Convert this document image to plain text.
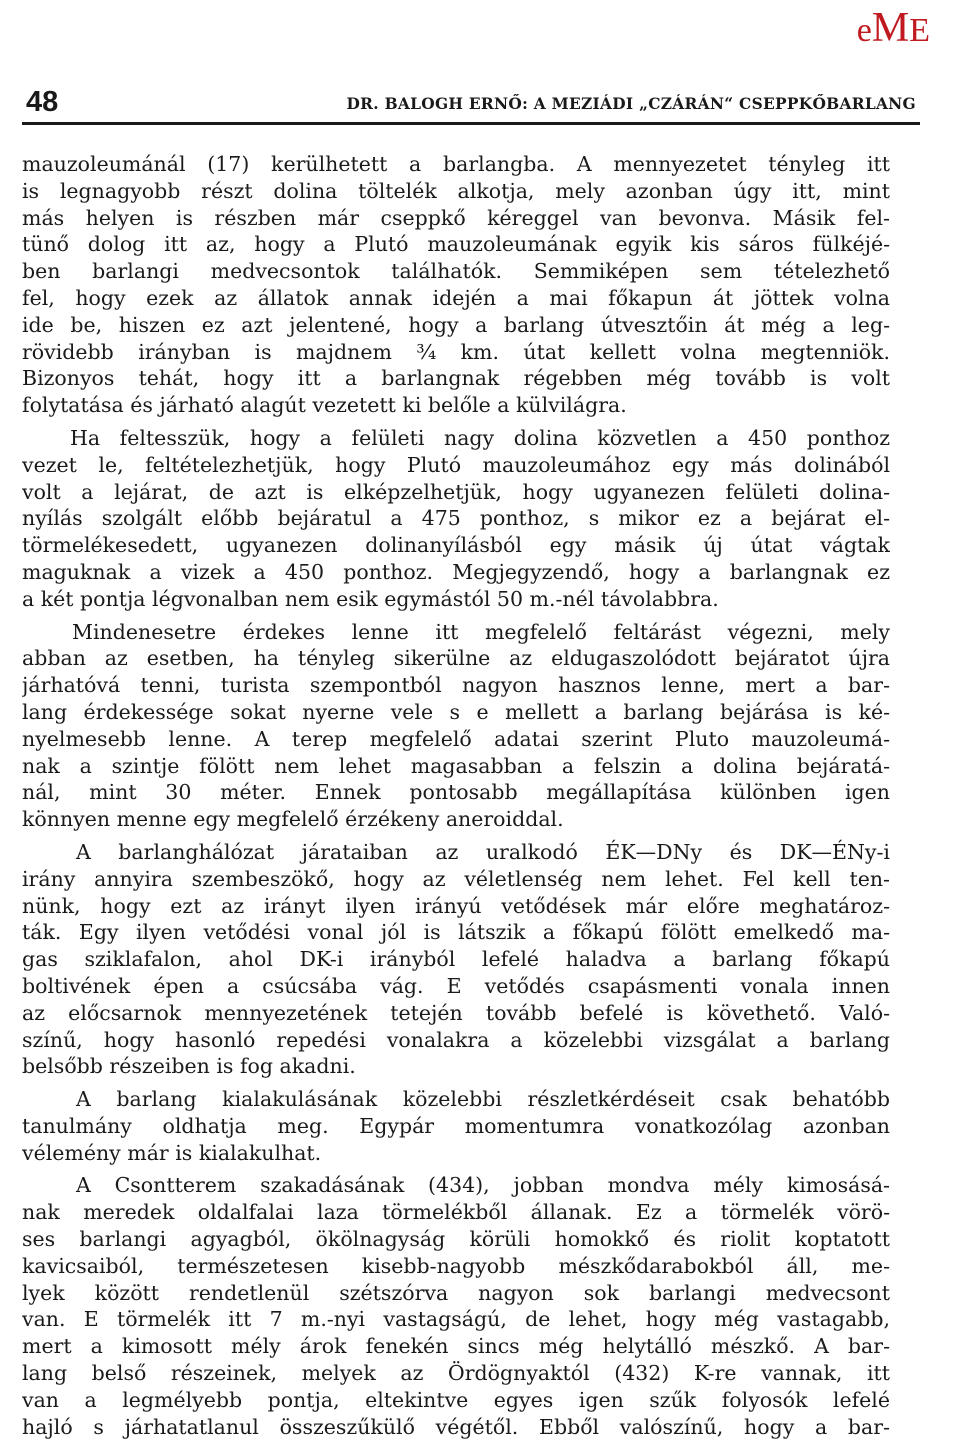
eME
48	DR. BALOGH ERNŐ: A MEZIÁDI „CZÁRÁN“ CSEPPKŐBARLANG
mauzoleumánál (17) kerülhetett a barlangba. A mennyezetet tényleg itt
is legnagyobb részt dolina töltelék alkotja, mely azonban úgy itt, mint
más helyen is részben már cseppkő kéreggel van bevonva. Másik fel-
tünő dolog itt az, hogy a Plutó mauzoleumának egyik kis sáros fülkéjé-
ben barlangi medvecsontok találhatók. Semmiképen sem tételezhető
fel, hogy ezek az állatok annak idején a mai főkapun át jöttek volna
ide be, hiszen ez azt jelentené, hogy a barlang útvesztőin át még a leg-
rövidebb irányban is majdnem ¾ km. útat kellett volna megtenniök.
Bizonyos tehát, hogy itt a barlangnak régebben még tovább is volt
folytatása és járható alagút vezetett ki belőle a külvilágra.
Ha feltesszük, hogy a felületi nagy dolina közvetlen a 450 ponthoz
vezet le, feltételezhetjük, hogy Plutó mauzoleumához egy más dolinából
volt a lejárat, de azt is elképzelhetjük, hogy ugyanezen felületi dolina-
nyílás szolgált előbb bejáratul a 475 ponthoz, s mikor ez a bejárat el-
törmelékesedett, ugyanezen dolinanyílásból egy másik új útat vágtak
maguknak a vizek a 450 ponthoz. Megjegyzendő, hogy a barlangnak ez
a két pontja légvonalban nem esik egymástól 50 m.-nél távolabbra.
Mindenesetre érdekes lenne itt megfelelő feltárást végezni, mely
abban az esetben, ha tényleg sikerülne az eldugaszolódott bejáratot újra
járhatóvá tenni, turista szempontból nagyon hasznos lenne, mert a bar-
lang érdekessége sokat nyerne vele s e mellett a barlang bejárása is ké-
nyelmesebb lenne. A terep megfelelő adatai szerint Pluto mauzoleumá-
nak a szintje fölött nem lehet magasabban a felszin a dolina bejáratá-
nál, mint 30 méter. Ennek pontosabb megállapítása különben igen
könnyen menne egy megfelelő érzékeny aneroiddal.
A barlanghálózat járataiban az uralkodó ÉK—DNy és DK—ÉNy-i
irány annyira szembeszökő, hogy az véletlenség nem lehet. Fel kell ten-
nünk, hogy ezt az irányt ilyen irányú vetődések már előre meghatároz-
ták. Egy ilyen vetődési vonal jól is látszik a főkapú fölött emelkedő ma-
gas sziklafalon, ahol DK-i irányból lefelé haladva a barlang főkapú
boltivének épen a csúcsába vág. E vetődés csapásmenti vonala innen
az előcsarnok mennyezetének tetején tovább befelé is követhető. Való-
színű, hogy hasonló repedési vonalakra a közelebbi vizsgálat a barlang
belsőbb részeiben is fog akadni.
A barlang kialakulásának közelebbi részletkérdéseit csak behatóbb
tanulmány oldhatja meg. Egypár momentumra vonatkozólag azonban
vélemény már is kialakulhat.
A Csontterem szakadásának (434), jobban mondva mély kimosásá-
nak meredek oldalfalai laza törmelékből állanak. Ez a törmelék vörö-
ses barlangi agyagból, ökölnagyság körüli homokkő és riolit koptatott
kavicsaiból, természetesen kisebb-nagyobb mészkődarabokból áll, me-
lyek között rendetlenül szétszórva nagyon sok barlangi medvecsont
van. E törmelék itt 7 m.-nyi vastagságú, de lehet, hogy még vastagabb,
mert a kimosott mély árok fenekén sincs még helytálló mészkő. A bar-
lang belső részeinek, melyek az Ördögnyaktól (432) K-re vannak, itt
van a legmélyebb pontja, eltekintve egyes igen szűk folyosók lefelé
hajló s járhatatlanul összeszűkülő végétől. Ebből valószínű, hogy a bar-
